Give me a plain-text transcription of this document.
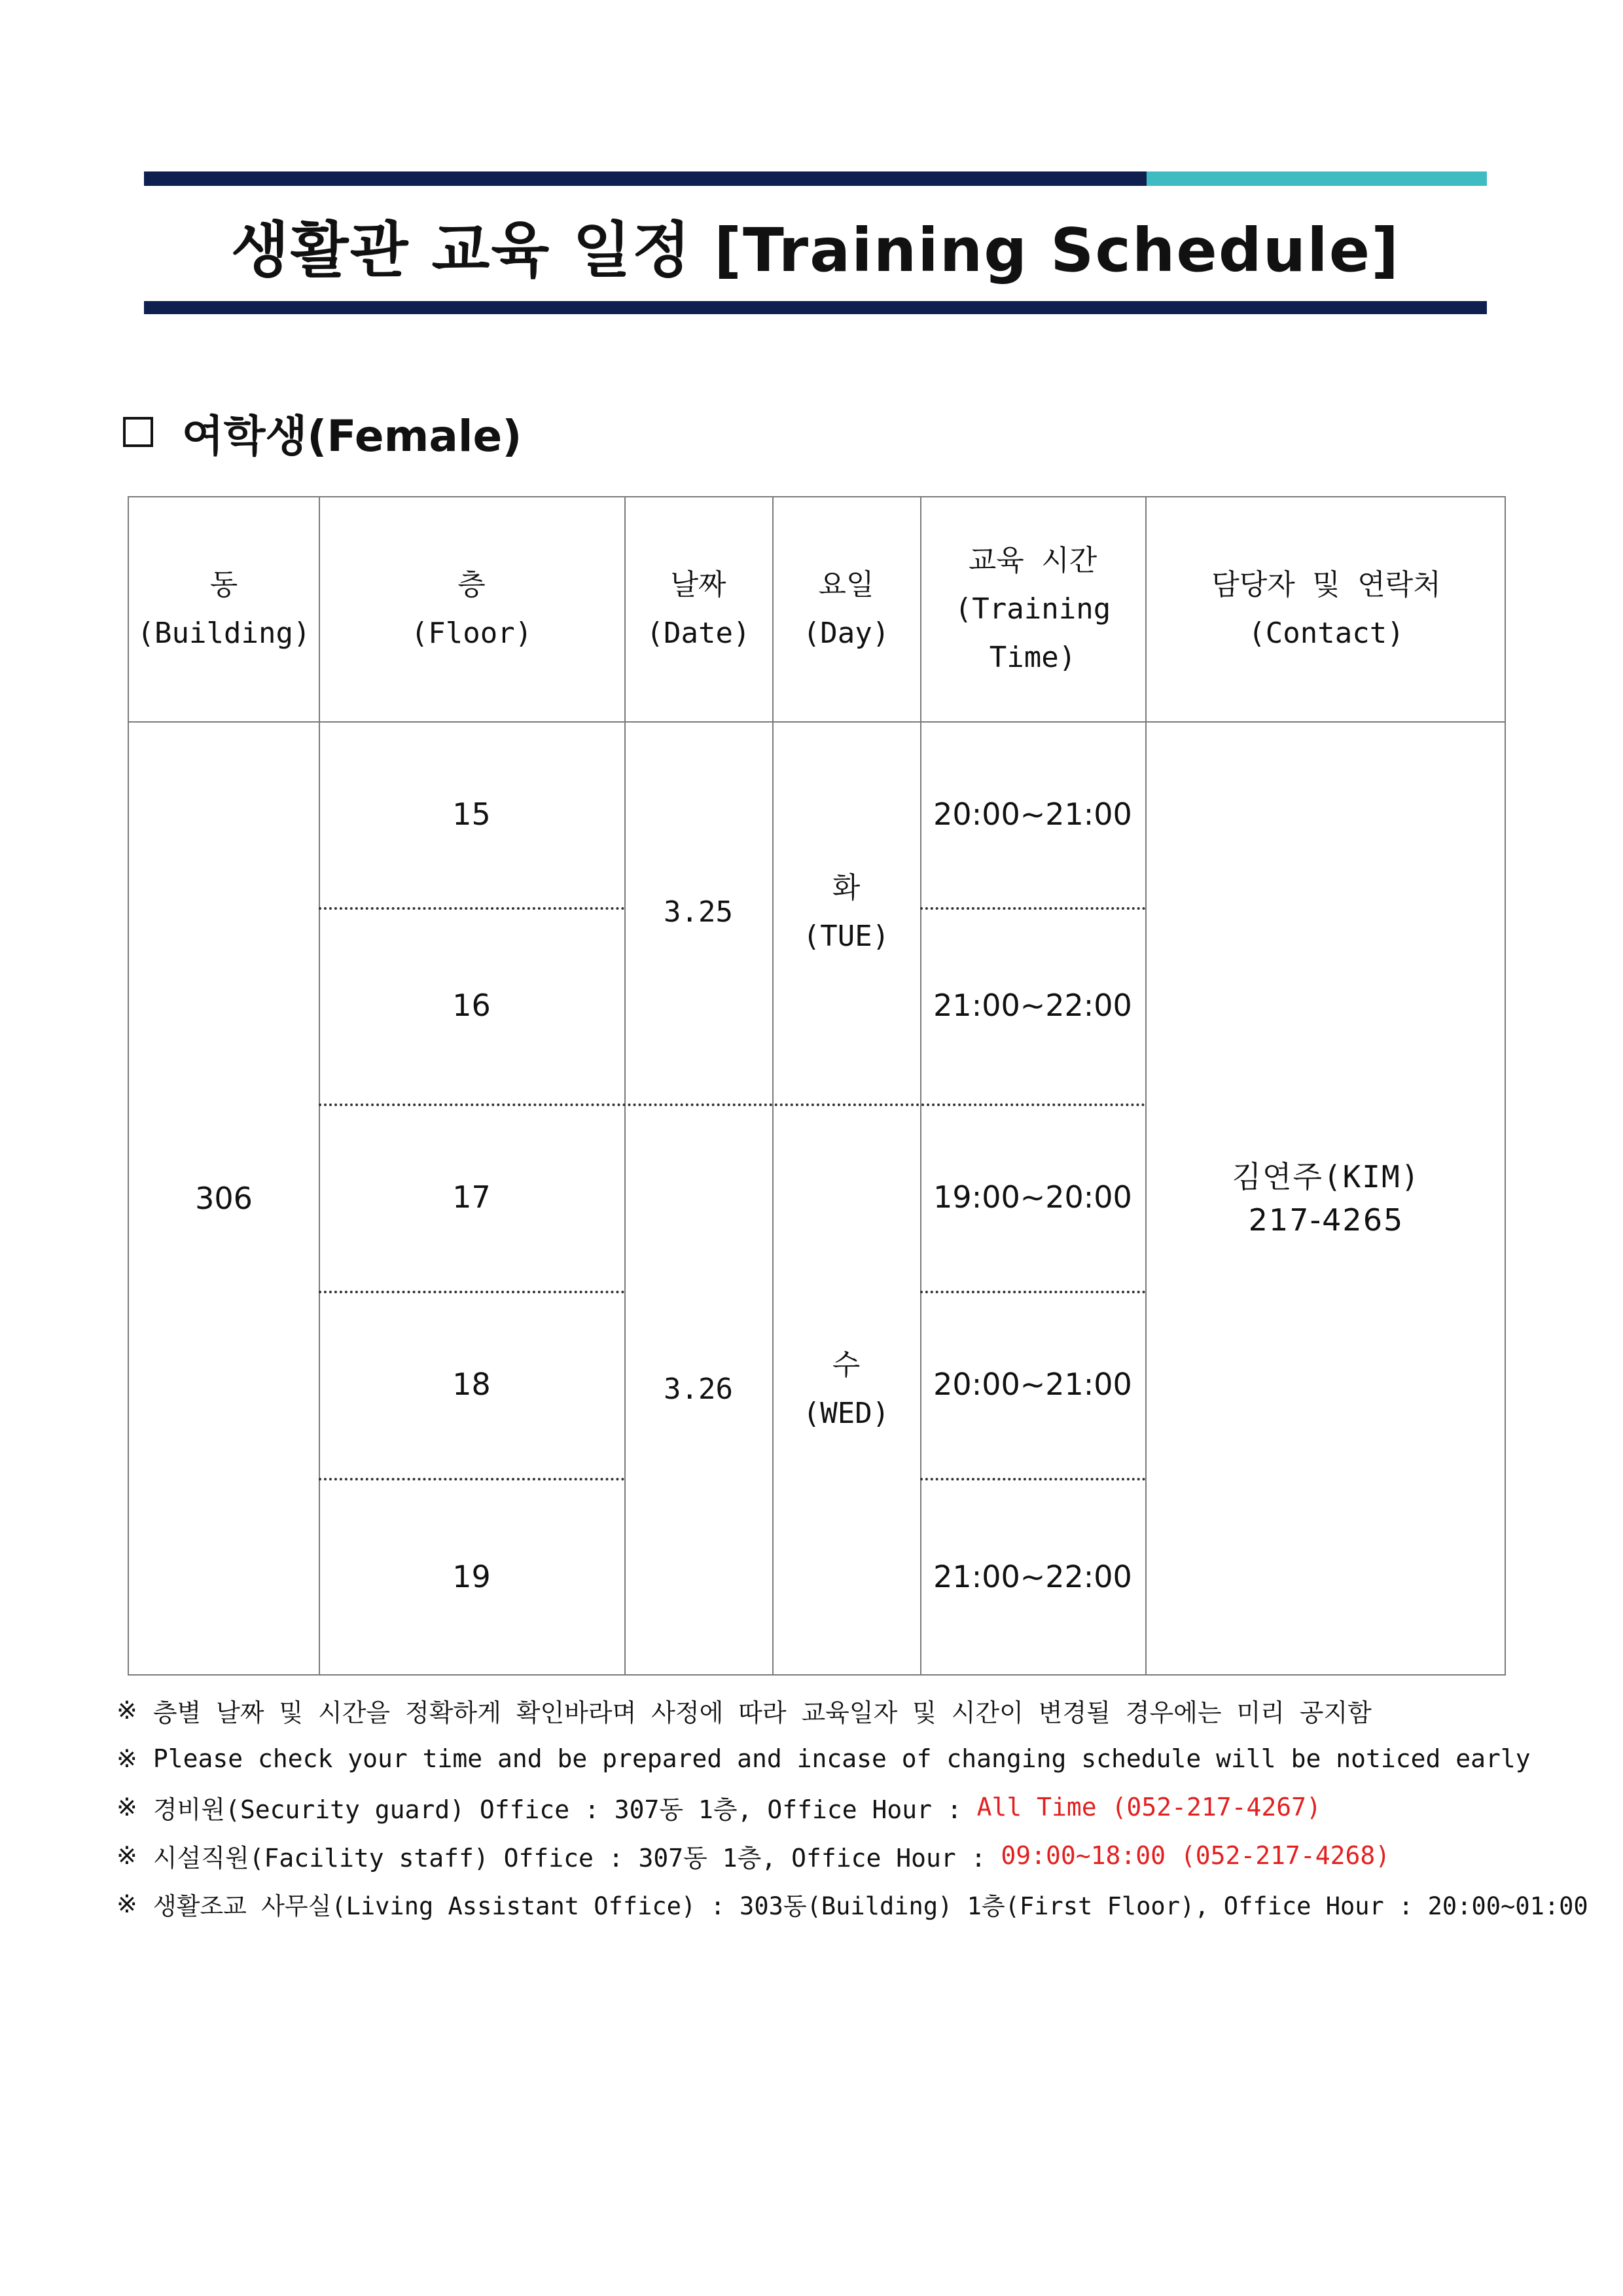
생활관 교육 일정 [Training Schedule]
여학생(Female)
동
(Building)
층
(Floor)
날짜
(Date)
요일
(Day)
교육 시간
(Training
Time)
담당자 및 연락처
(Contact)
306
15
16
17
18
19
3.25
3.26
화
(TUE)
수
(WED)
20:00~21:00
21:00~22:00
19:00~20:00
20:00~21:00
21:00~22:00
김연주(KIM)
217-4265
※ 층별 날짜 및 시간을 정확하게 확인바라며 사정에 따라 교육일자 및 시간이 변경될 경우에는 미리 공지함
※ Please check your time and be prepared and incase of changing schedule will be noticed early
※ 경비원(Security guard) Office : 307동 1층, Office Hour : All Time (052-217-4267)
※ 시설직원(Facility staff) Office : 307동 1층, Office Hour : 09:00~18:00 (052-217-4268)
※ 생활조교 사무실(Living Assistant Office) : 303동(Building) 1층(First Floor), Office Hour : 20:00~01:00
